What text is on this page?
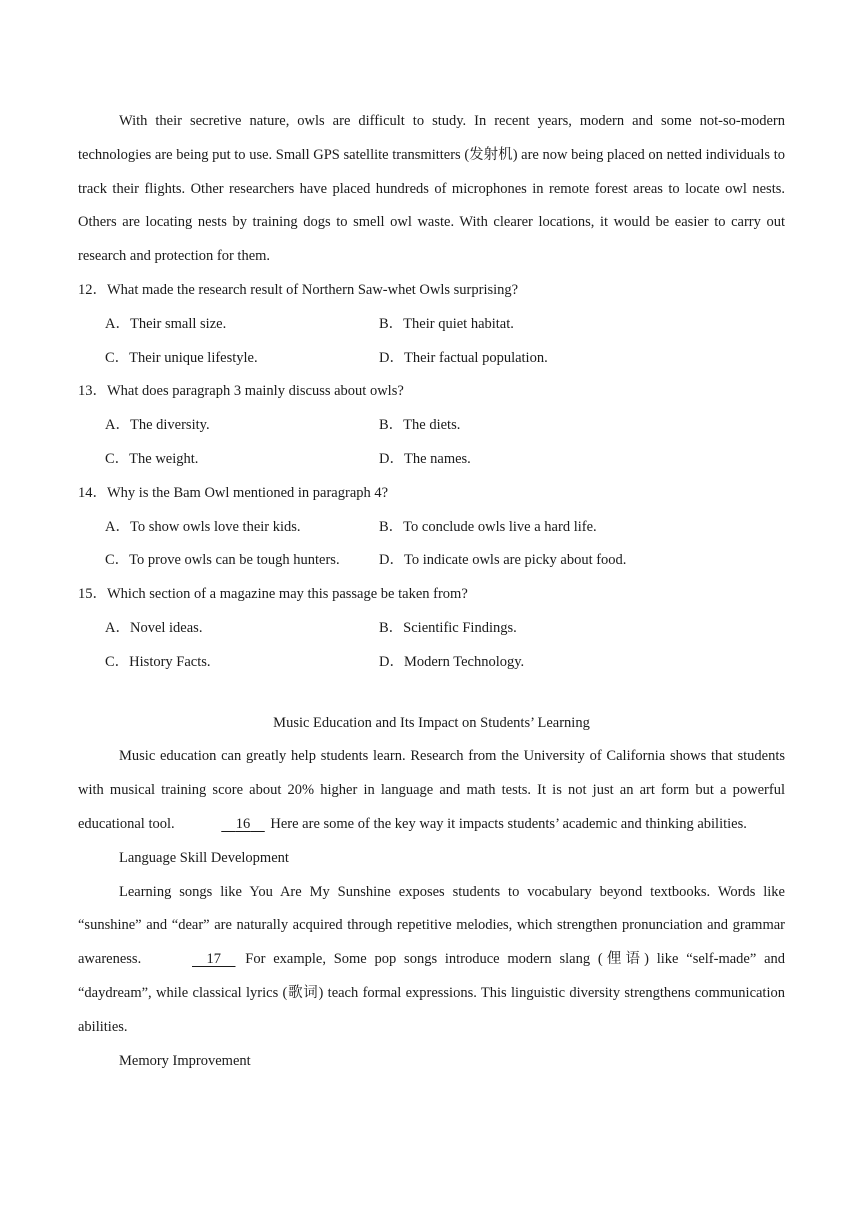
With their secretive nature, owls are difficult to study. In recent years, modern and some not-so-modern technologies are being put to use. Small GPS satellite transmitters (发射机) are now being placed on netted individuals to track their flights. Other researchers have placed hundreds of microphones in remote forest areas to locate owl nests. Others are locating nests by training dogs to smell owl waste. With clearer locations, it would be easier to carry out research and protection for them.

12．What made the research result of Northern Saw-whet Owls surprising?
A．Their small size.	B．Their quiet habitat.
C．Their unique lifestyle.	D．Their factual population.
13．What does paragraph 3 mainly discuss about owls?
A．The diversity.	B．The diets.
C．The weight.	D．The names.
14．Why is the Bam Owl mentioned in paragraph 4?
A．To show owls love their kids.	B．To conclude owls live a hard life.
C．To prove owls can be tough hunters.	D．To indicate owls are picky about food.
15．Which section of a magazine may this passage be taken from?
A．Novel ideas.	B．Scientific Findings.
C．History Facts.	D．Modern Technology.
Music Education and Its Impact on Students’ Learning

Music education can greatly help students learn. Research from the University of California shows that students with musical training score about 20% higher in language and math tests. It is not just an art form but a powerful educational tool.	16 Here are some of the key way it impacts students’ academic and thinking abilities.

Language Skill Development

Learning songs like You Are My Sunshine exposes students to vocabulary beyond textbooks. Words like “sunshine” and “dear” are naturally acquired through repetitive melodies, which strengthen pronunciation and grammar awareness.	17 For example, Some pop songs introduce modern slang (俚语) like “self-made” and “daydream”, while classical lyrics (歌词) teach formal expressions. This linguistic diversity strengthens communication abilities.

Memory Improvement
